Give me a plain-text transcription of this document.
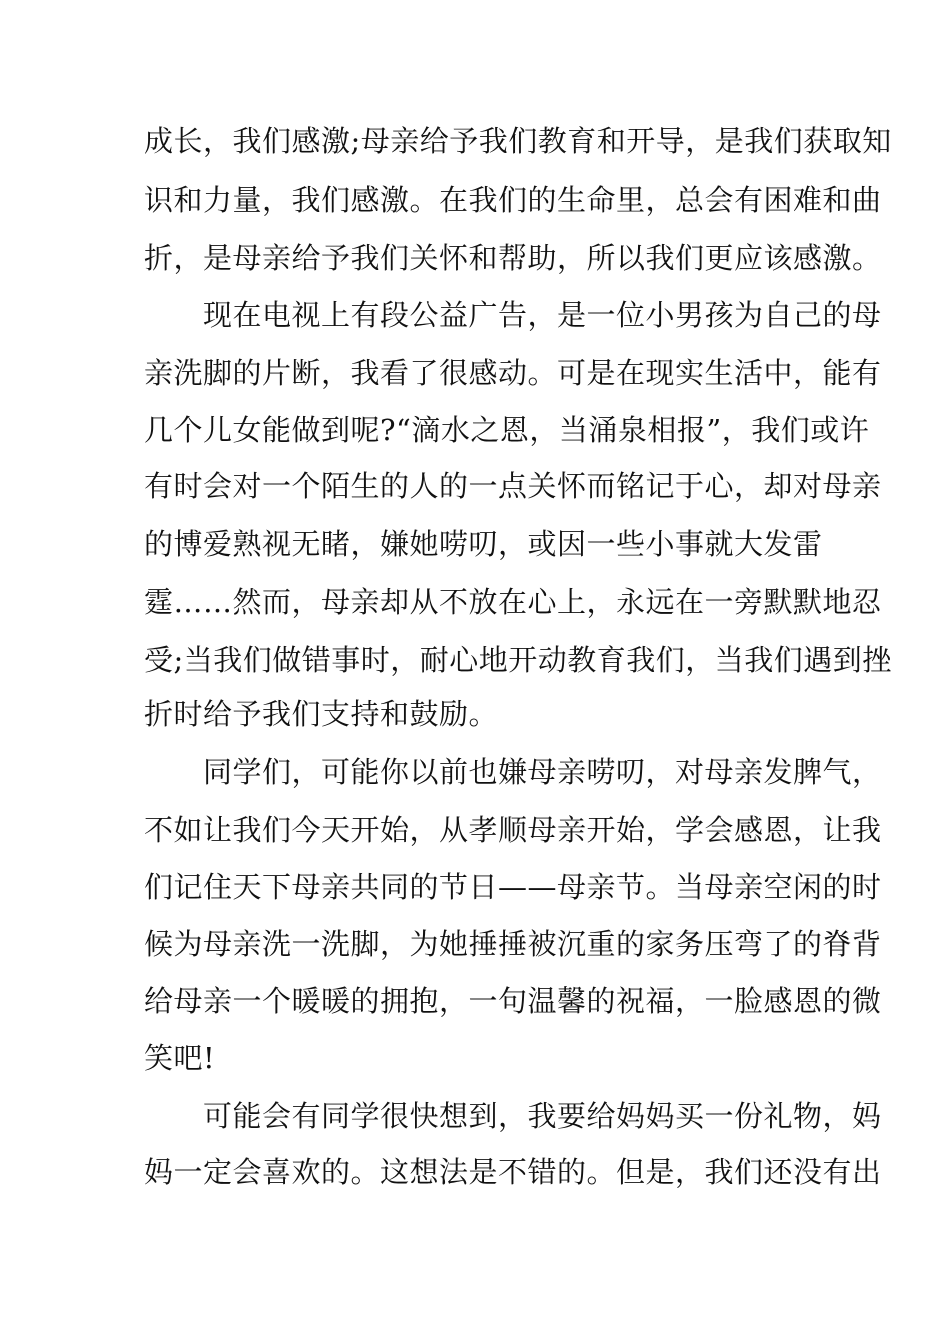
成长，我们感激;母亲给予我们教育和开导，是我们获取知
识和力量，我们感激。在我们的生命里，总会有困难和曲
折，是母亲给予我们关怀和帮助，所以我们更应该感激。
现在电视上有段公益广告，是一位小男孩为自己的母
亲洗脚的片断，我看了很感动。可是在现实生活中，能有
几个儿女能做到呢?“滴水之恩，当涌泉相报”，我们或许
有时会对一个陌生的人的一点关怀而铭记于心，却对母亲
的博爱熟视无睹，嫌她唠叨，或因一些小事就大发雷
霆……然而，母亲却从不放在心上，永远在一旁默默地忍
受;当我们做错事时，耐心地开动教育我们，当我们遇到挫
折时给予我们支持和鼓励。
同学们，可能你以前也嫌母亲唠叨，对母亲发脾气，
不如让我们今天开始，从孝顺母亲开始，学会感恩，让我
们记住天下母亲共同的节日——母亲节。当母亲空闲的时
候为母亲洗一洗脚，为她捶捶被沉重的家务压弯了的脊背
给母亲一个暖暖的拥抱，一句温馨的祝福，一脸感恩的微
笑吧!
可能会有同学很快想到，我要给妈妈买一份礼物，妈
妈一定会喜欢的。这想法是不错的。但是，我们还没有出
